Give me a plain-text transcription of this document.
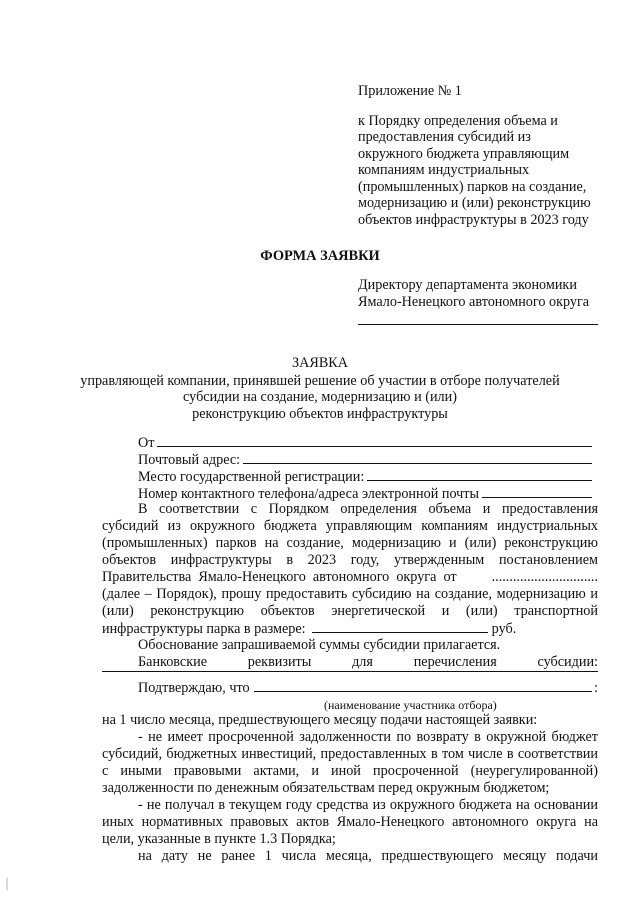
Приложение № 1
к Порядку определения объема и
предоставления субсидий из
окружного бюджета управляющим
компаниям индустриальных
(промышленных) парков на создание,
модернизацию и (или) реконструкцию
объектов инфраструктуры в 2023 году
ФОРМА ЗАЯВКИ
Директору департамента экономики
Ямало-Ненецкого автономного округа
ЗАЯВКА
управляющей компании, принявшей решение об участии в отборе получателей
субсидии на создание, модернизацию и (или)
реконструкцию объектов инфраструктуры
От
Почтовый адрес:
Место государственной регистрации:
Номер контактного телефона/адреса электронной почты
В соответствии с Порядком определения объема и предоставления
субсидий из окружного бюджета управляющим компаниям индустриальных
(промышленных) парков на создание, модернизацию и (или) реконструкцию
объектов инфраструктуры в 2023 году, утвержденным постановлением
Правительства Ямало-Ненецкого автономного округа от ..............................
(далее – Порядок), прошу предоставить субсидию на создание, модернизацию и
(или) реконструкцию объектов энергетической и (или) транспортной
инфраструктуры парка в размере:	руб.
Обоснование запрашиваемой суммы субсидии прилагается.
Банковские	реквизиты	для	перечисления	субсидии:
Подтверждаю, что	:
(наименование участника отбора)
на 1 число месяца, предшествующего месяцу подачи настоящей заявки:
- не имеет просроченной задолженности по возврату в окружной бюджет
субсидий, бюджетных инвестиций, предоставленных в том числе в соответствии
с иными правовыми актами, и иной просроченной (неурегулированной)
задолженности по денежным обязательствам перед окружным бюджетом;
- не получал в текущем году средства из окружного бюджета на основании
иных нормативных правовых актов Ямало-Ненецкого автономного округа на
цели, указанные в пункте 1.3 Порядка;
на дату не ранее 1 числа месяца, предшествующего месяцу подачи
